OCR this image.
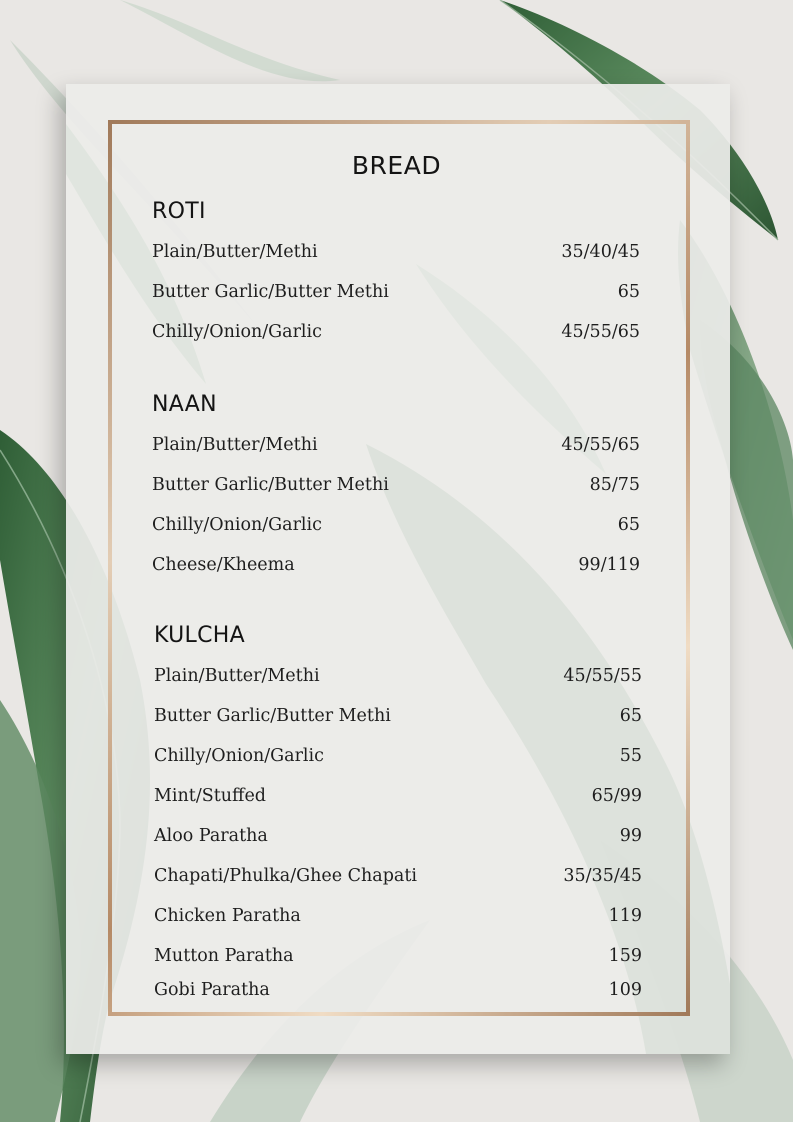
BREAD
ROTI
Plain/Butter/Methi	35/40/45
Butter Garlic/Butter Methi	65
Chilly/Onion/Garlic	45/55/65
NAAN
Plain/Butter/Methi	45/55/65
Butter Garlic/Butter Methi	85/75
Chilly/Onion/Garlic	65
Cheese/Kheema	99/119
KULCHA
Plain/Butter/Methi	45/55/55
Butter Garlic/Butter Methi	65
Chilly/Onion/Garlic	55
Mint/Stuffed	65/99
Aloo Paratha	99
Chapati/Phulka/Ghee Chapati	35/35/45
Chicken Paratha	119
Mutton Paratha	159
Gobi Paratha	109
